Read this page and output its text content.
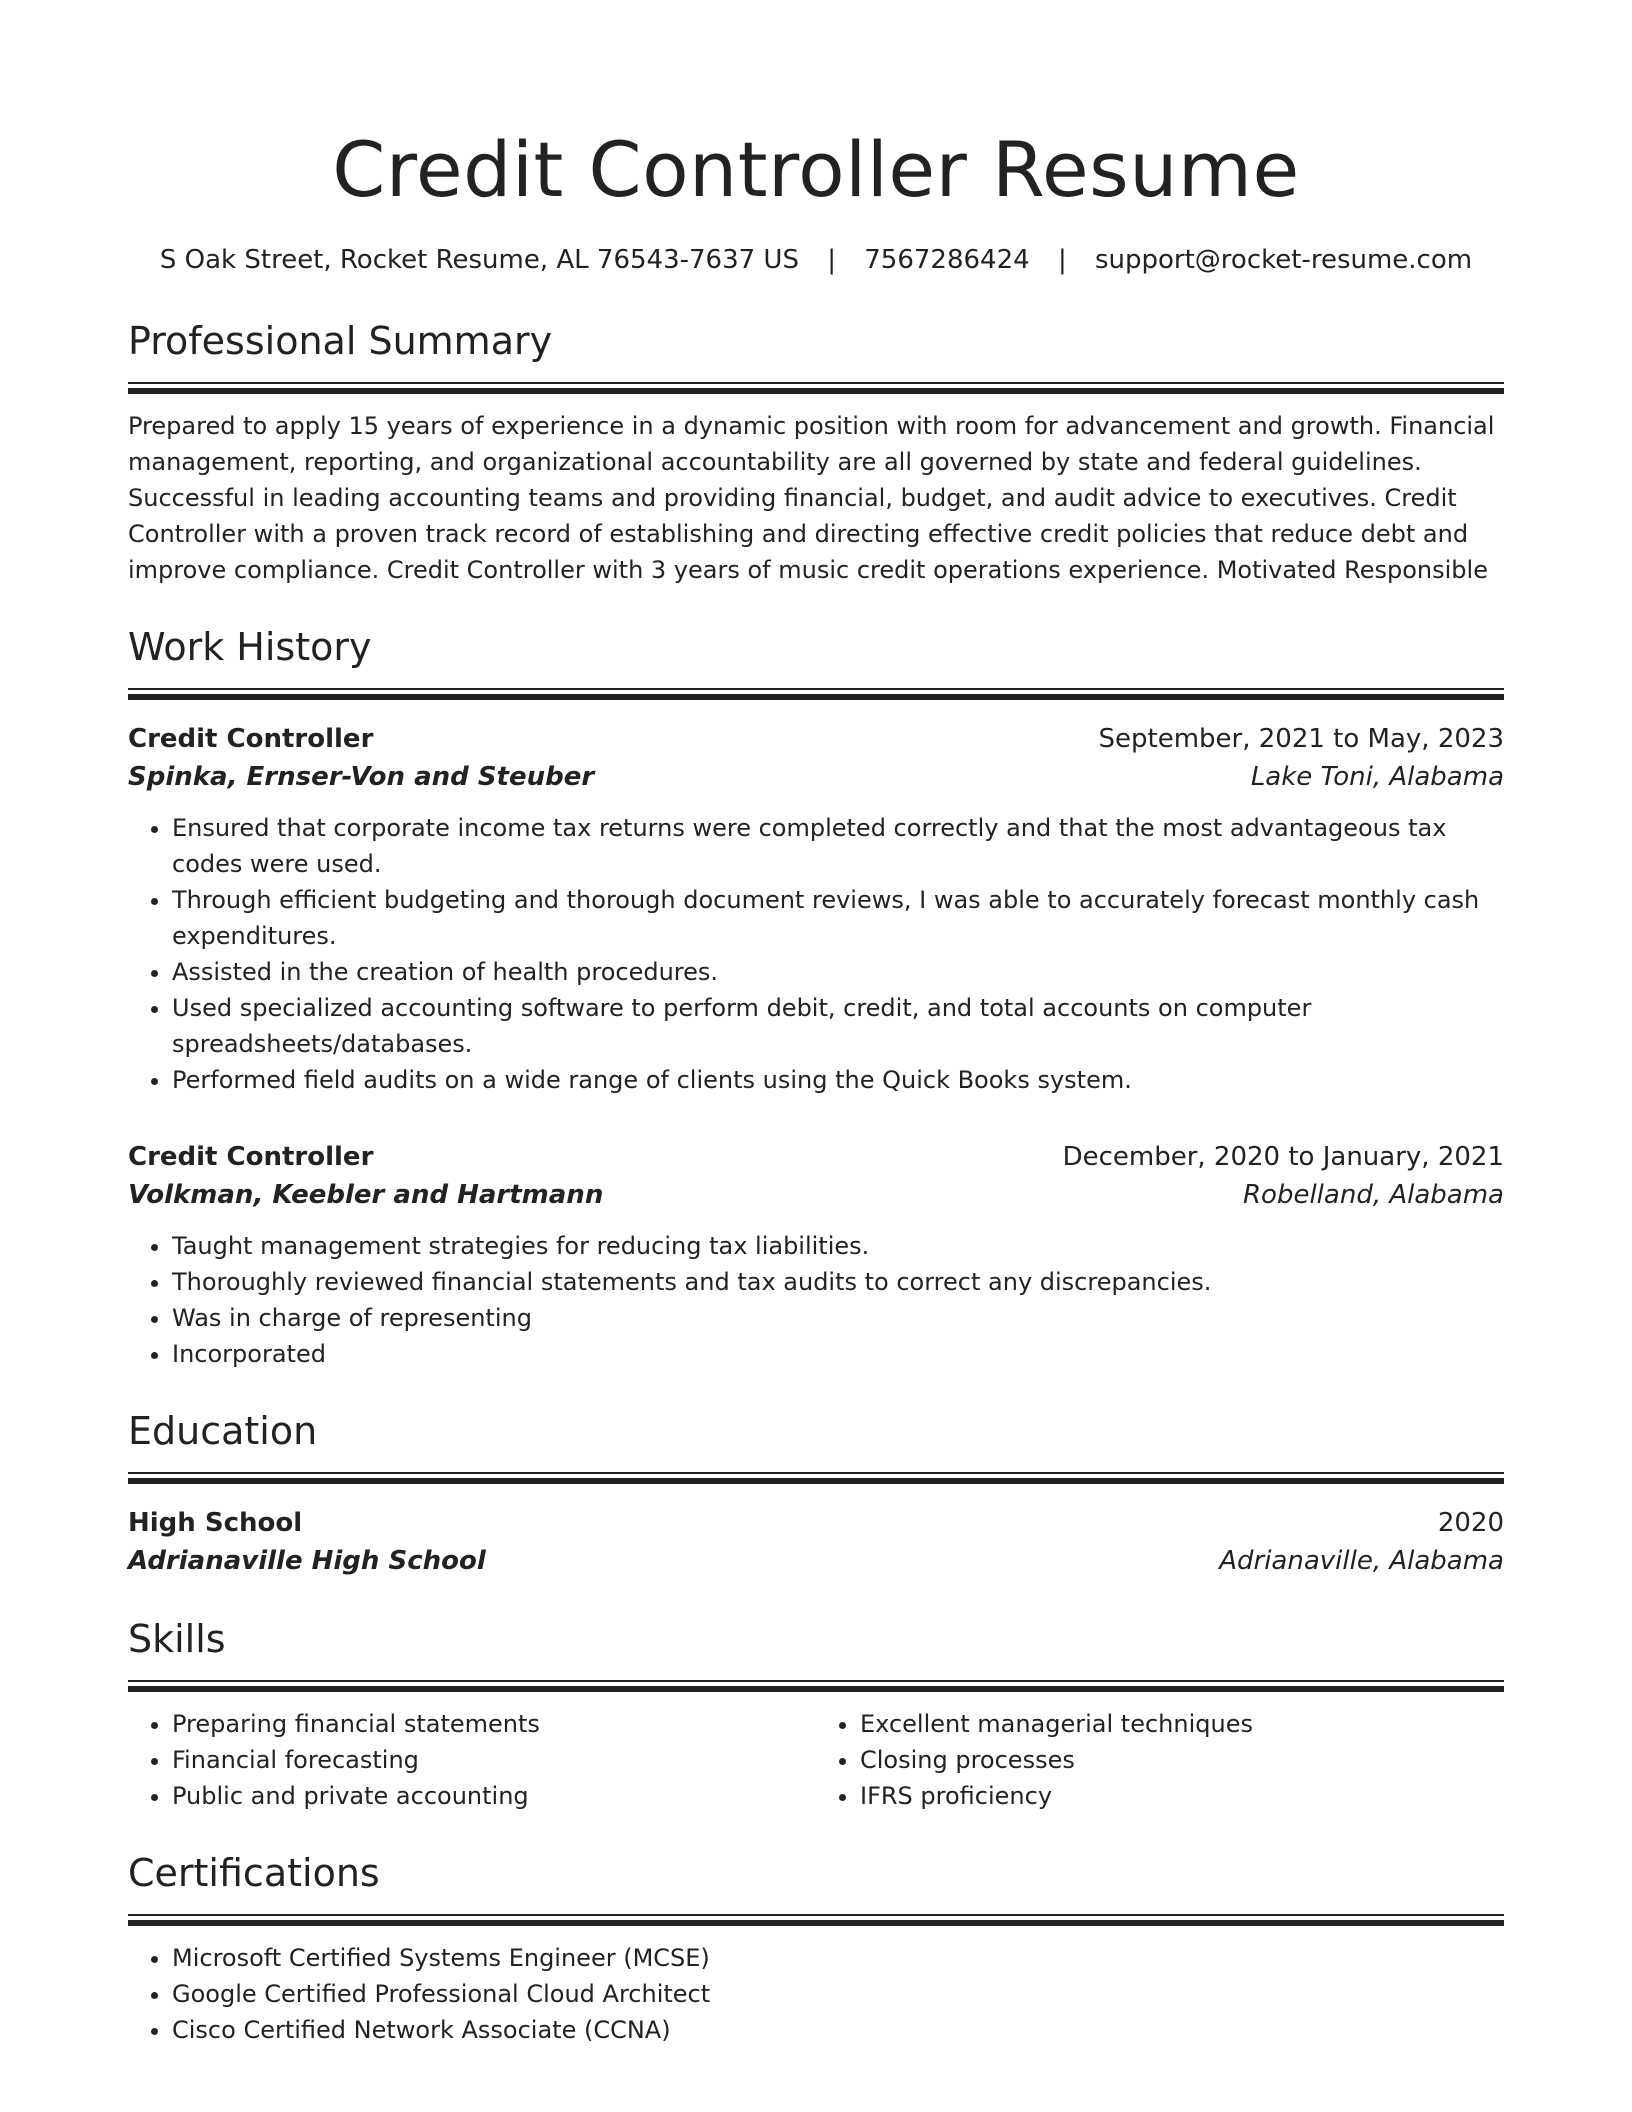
Credit Controller Resume
S Oak Street, Rocket Resume, AL 76543-7637 US | 7567286424 | support@rocket-resume.com
Professional Summary
Prepared to apply 15 years of experience in a dynamic position with room for advancement and growth. Financial management, reporting, and organizational accountability are all governed by state and federal guidelines. Successful in leading accounting teams and providing financial, budget, and audit advice to executives. Credit Controller with a proven track record of establishing and directing effective credit policies that reduce debt and improve compliance. Credit Controller with 3 years of music credit operations experience. Motivated Responsible
Work History
Credit Controller	September, 2021 to May, 2023
Spinka, Ernser-Von and Steuber	Lake Toni, Alabama
• Ensured that corporate income tax returns were completed correctly and that the most advantageous tax codes were used.
• Through efficient budgeting and thorough document reviews, I was able to accurately forecast monthly cash expenditures.
• Assisted in the creation of health procedures.
• Used specialized accounting software to perform debit, credit, and total accounts on computer spreadsheets/databases.
• Performed field audits on a wide range of clients using the Quick Books system.
Credit Controller	December, 2020 to January, 2021
Volkman, Keebler and Hartmann	Robelland, Alabama
• Taught management strategies for reducing tax liabilities.
• Thoroughly reviewed financial statements and tax audits to correct any discrepancies.
• Was in charge of representing
• Incorporated
Education
High School	2020
Adrianaville High School	Adrianaville, Alabama
Skills
• Preparing financial statements
• Financial forecasting
• Public and private accounting
• Excellent managerial techniques
• Closing processes
• IFRS proficiency
Certifications
• Microsoft Certified Systems Engineer (MCSE)
• Google Certified Professional Cloud Architect
• Cisco Certified Network Associate (CCNA)
